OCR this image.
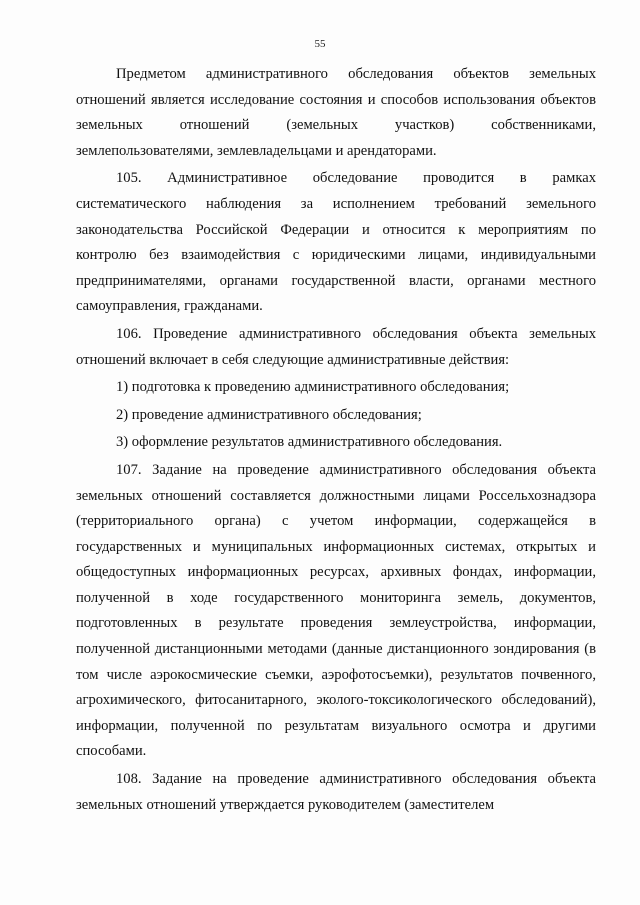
55

Предметом административного обследования объектов земельных отношений является исследование состояния и способов использования объектов земельных отношений (земельных участков) собственниками, землепользователями, землевладельцами и арендаторами.

105. Административное обследование проводится в рамках систематического наблюдения за исполнением требований земельного законодательства Российской Федерации и относится к мероприятиям по контролю без взаимодействия с юридическими лицами, индивидуальными предпринимателями, органами государственной власти, органами местного самоуправления, гражданами.

106. Проведение административного обследования объекта земельных отношений включает в себя следующие административные действия:

1) подготовка к проведению административного обследования;

2) проведение административного обследования;

3) оформление результатов административного обследования.

107. Задание на проведение административного обследования объекта земельных отношений составляется должностными лицами Россельхознадзора (территориального органа) с учетом информации, содержащейся в государственных и муниципальных информационных системах, открытых и общедоступных информационных ресурсах, архивных фондах, информации, полученной в ходе государственного мониторинга земель, документов, подготовленных в результате проведения землеустройства, информации, полученной дистанционными методами (данные дистанционного зондирования (в том числе аэрокосмические съемки, аэрофотосъемки), результатов почвенного, агрохимического, фитосанитарного, эколого-токсикологического обследований), информации, полученной по результатам визуального осмотра и другими способами.

108. Задание на проведение административного обследования объекта земельных отношений утверждается руководителем (заместителем
